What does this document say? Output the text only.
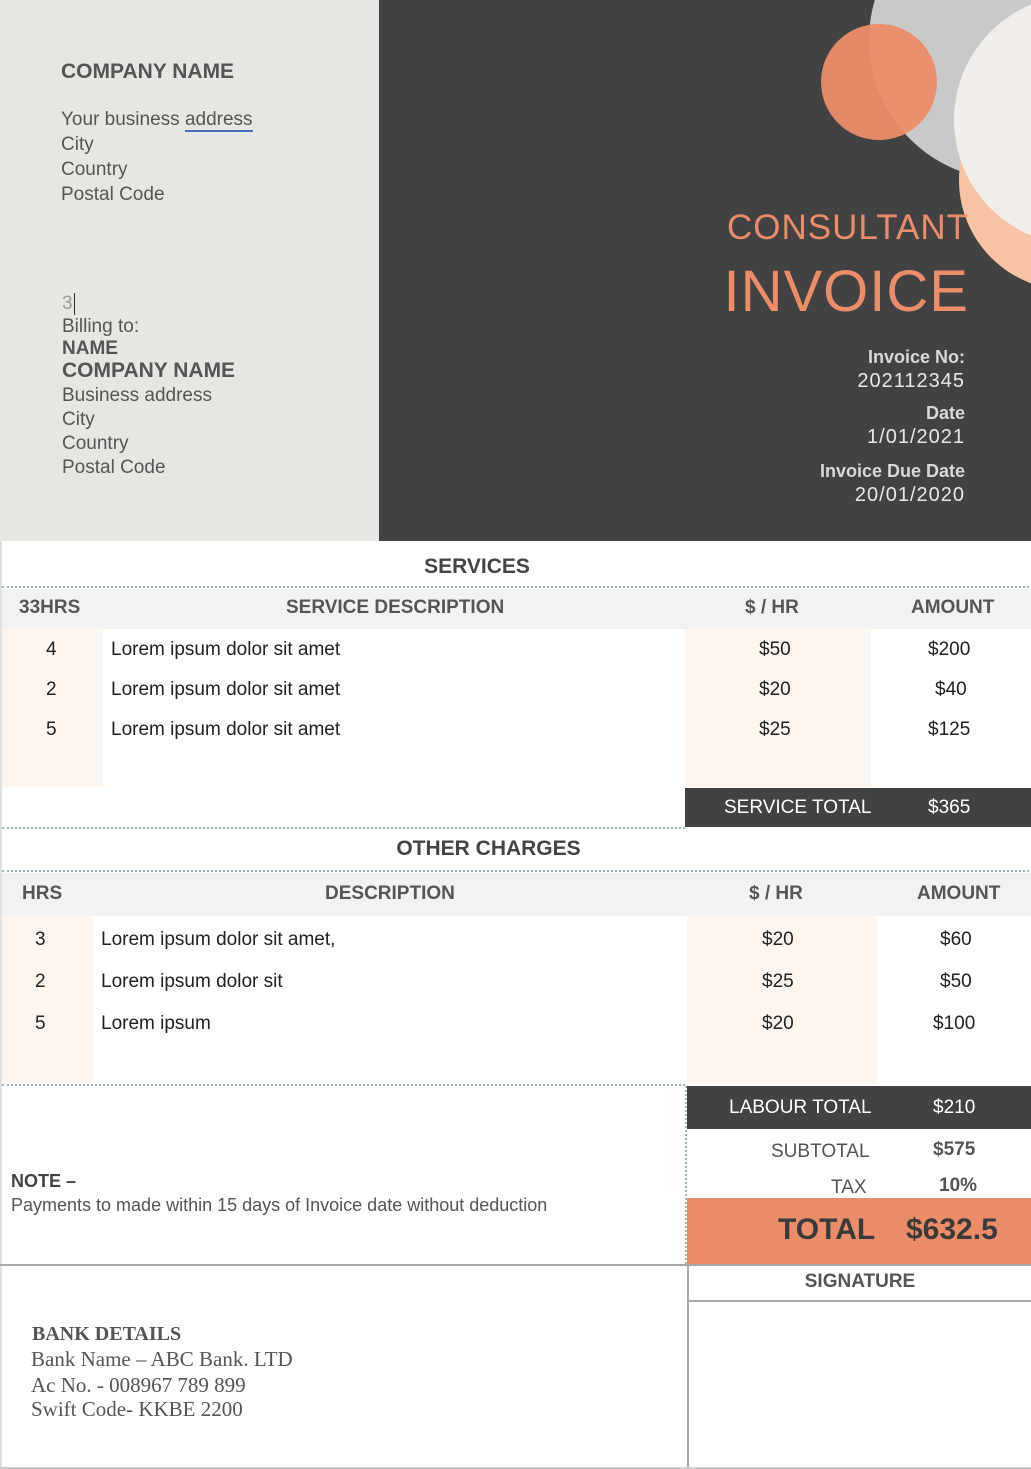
COMPANY NAME
Your business address
City
Country
Postal Code
3
Billing to:
NAME
COMPANY NAME
Business address
City
Country
Postal Code
CONSULTANT
INVOICE
Invoice No:
202112345
Date
1/01/2021
Invoice Due Date
20/01/2020
SERVICES
33HRS	SERVICE DESCRIPTION	$ / HR	AMOUNT
4	Lorem ipsum dolor sit amet	$50	$200
2	Lorem ipsum dolor sit amet	$20	$40
5	Lorem ipsum dolor sit amet	$25	$125
SERVICE TOTAL	$365
OTHER CHARGES
HRS	DESCRIPTION	$ / HR	AMOUNT
3	Lorem ipsum dolor sit amet,	$20	$60
2	Lorem ipsum dolor sit	$25	$50
5	Lorem ipsum	$20	$100
LABOUR TOTAL	$210
SUBTOTAL	$575
TAX	10%
TOTAL $632.5
NOTE –
Payments to made within 15 days of Invoice date without deduction
SIGNATURE
BANK DETAILS
Bank Name – ABC Bank. LTD
Ac No. - 008967 789 899
Swift Code- KKBE 2200
